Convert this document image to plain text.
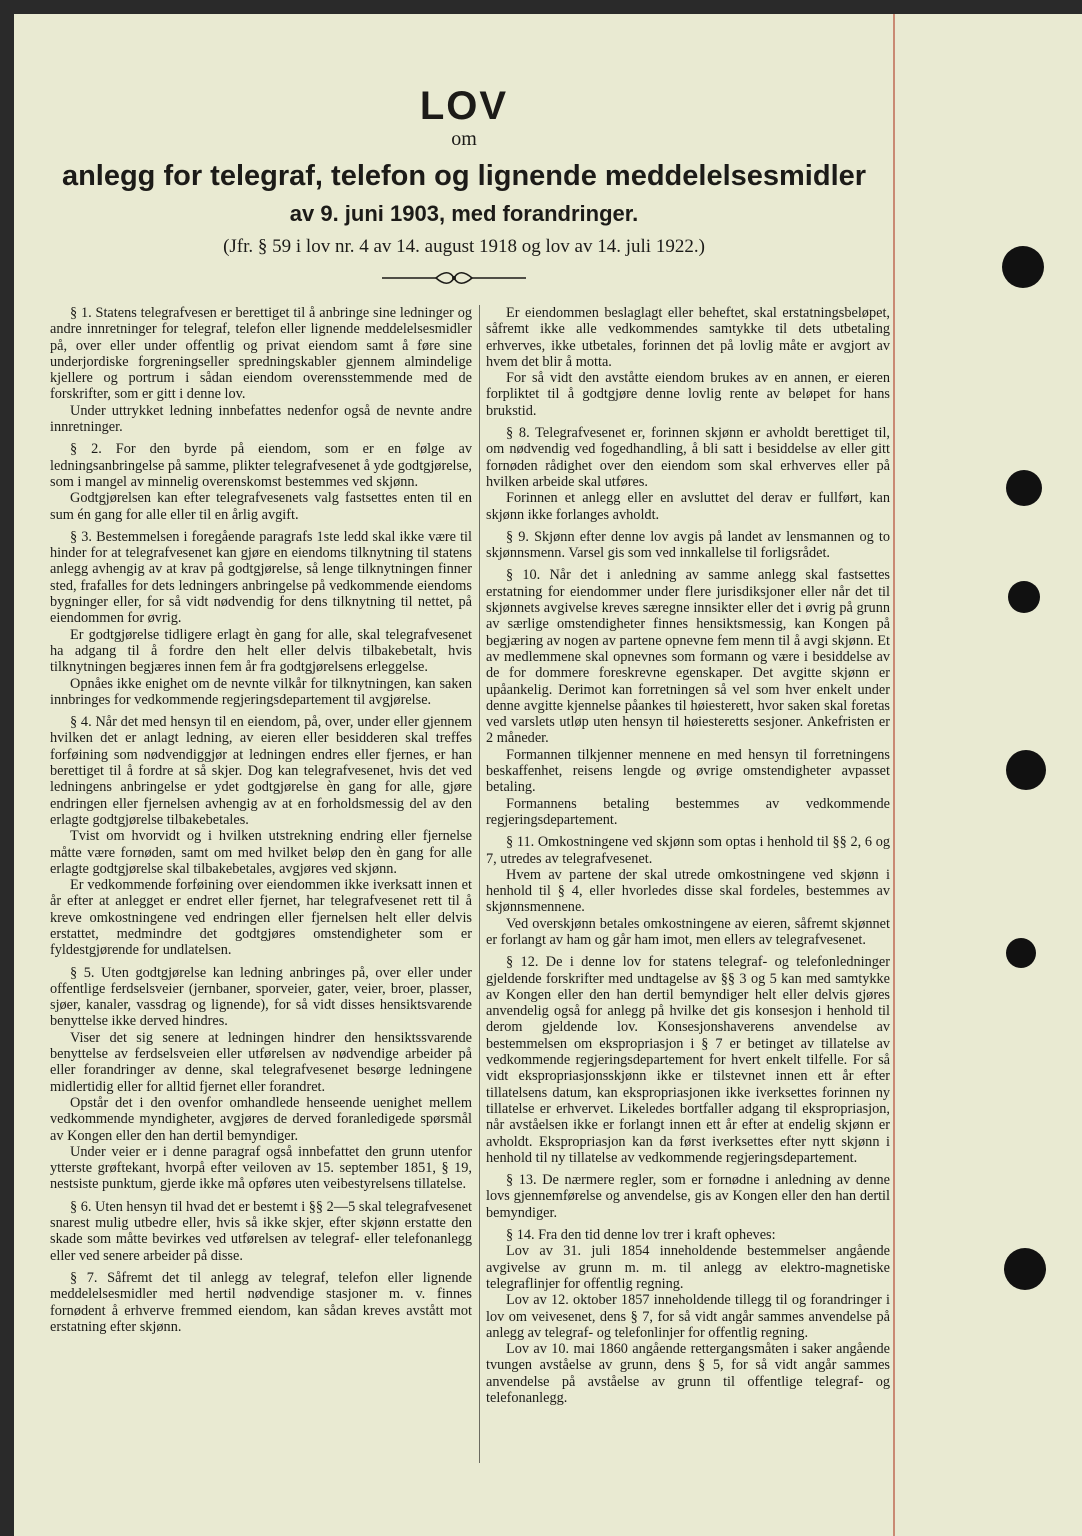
LOV
om
anlegg for telegraf, telefon og lignende meddelelsesmidler
av 9. juni 1903, med forandringer.
(Jfr. § 59 i lov nr. 4 av 14. august 1918 og lov av 14. juli 1922.)

§ 1. Statens telegrafvesen er berettiget til å anbringe sine ledninger og andre innretninger for telegraf, telefon eller lignende meddelelsesmidler på, over eller under offentlig og privat eiendom samt å føre sine underjordiske forgreningseller spredningskabler gjennem almindelige kjellere og portrum i sådan eiendom overensstemmende med de forskrifter, som er gitt i denne lov.

Under uttrykket ledning innbefattes nedenfor også de nevnte andre innretninger.

§ 2. For den byrde på eiendom, som er en følge av ledningsanbringelse på samme, plikter telegrafvesenet å yde godtgjørelse, som i mangel av minnelig overenskomst bestemmes ved skjønn.

Godtgjørelsen kan efter telegrafvesenets valg fastsettes enten til en sum én gang for alle eller til en årlig avgift.

§ 3. Bestemmelsen i foregående paragrafs 1ste ledd skal ikke være til hinder for at telegrafvesenet kan gjøre en eiendoms tilknytning til statens anlegg avhengig av at krav på godtgjørelse, så lenge tilknytningen finner sted, frafalles for dets ledningers anbringelse på vedkommende eiendoms bygninger eller, for så vidt nødvendig for dens tilknytning til nettet, på eiendommen for øvrig.

Er godtgjørelse tidligere erlagt èn gang for alle, skal telegrafvesenet ha adgang til å fordre den helt eller delvis tilbakebetalt, hvis tilknytningen begjæres innen fem år fra godtgjørelsens erleggelse.

Opnåes ikke enighet om de nevnte vilkår for tilknytningen, kan saken innbringes for vedkommende regjeringsdepartement til avgjørelse.

§ 4. Når det med hensyn til en eiendom, på, over, under eller gjennem hvilken det er anlagt ledning, av eieren eller besidderen skal treffes forføining som nødvendiggjør at ledningen endres eller fjernes, er han berettiget til å fordre at så skjer. Dog kan telegrafvesenet, hvis det ved ledningens anbringelse er ydet godtgjørelse èn gang for alle, gjøre endringen eller fjernelsen avhengig av at en forholdsmessig del av den erlagte godtgjørelse tilbakebetales.

Tvist om hvorvidt og i hvilken utstrekning endring eller fjernelse måtte være fornøden, samt om med hvilket beløp den èn gang for alle erlagte godtgjørelse skal tilbakebetales, avgjøres ved skjønn.

Er vedkommende forføining over eiendommen ikke iverksatt innen et år efter at anlegget er endret eller fjernet, har telegrafvesenet rett til å kreve omkostningene ved endringen eller fjernelsen helt eller delvis erstattet, medmindre det godtgjøres omstendigheter som er fyldestgjørende for undlatelsen.

§ 5. Uten godtgjørelse kan ledning anbringes på, over eller under offentlige ferdselsveier (jernbaner, sporveier, gater, veier, broer, plasser, sjøer, kanaler, vassdrag og lignende), for så vidt disses hensiktsvarende benyttelse ikke derved hindres.

Viser det sig senere at ledningen hindrer den hensiktssvarende benyttelse av ferdselsveien eller utførelsen av nødvendige arbeider på eller forandringer av denne, skal telegrafvesenet besørge ledningene midlertidig eller for alltid fjernet eller forandret.

Opstår det i den ovenfor omhandlede henseende uenighet mellem vedkommende myndigheter, avgjøres de derved foranledigede spørsmål av Kongen eller den han dertil bemyndiger.

Under veier er i denne paragraf også innbefattet den grunn utenfor ytterste grøftekant, hvorpå efter veiloven av 15. september 1851, § 19, nestsiste punktum, gjerde ikke må opføres uten veibestyrelsens tillatelse.

§ 6. Uten hensyn til hvad det er bestemt i §§ 2—5 skal telegrafvesenet snarest mulig utbedre eller, hvis så ikke skjer, efter skjønn erstatte den skade som måtte bevirkes ved utførelsen av telegraf- eller telefonanlegg eller ved senere arbeider på disse.

§ 7. Såfremt det til anlegg av telegraf, telefon eller lignende meddelelsesmidler med hertil nødvendige stasjoner m. v. finnes fornødent å erhverve fremmed eiendom, kan sådan kreves avstått mot erstatning efter skjønn.

Er eiendommen beslaglagt eller beheftet, skal erstatningsbeløpet, såfremt ikke alle vedkommendes samtykke til dets utbetaling erhverves, ikke utbetales, forinnen det på lovlig måte er avgjort av hvem det blir å motta.

For så vidt den avståtte eiendom brukes av en annen, er eieren forpliktet til å godtgjøre denne lovlig rente av beløpet for hans brukstid.

§ 8. Telegrafvesenet er, forinnen skjønn er avholdt berettiget til, om nødvendig ved fogedhandling, å bli satt i besiddelse av eller gitt fornøden rådighet over den eiendom som skal erhverves eller på hvilken arbeide skal utføres.

Forinnen et anlegg eller en avsluttet del derav er fullført, kan skjønn ikke forlanges avholdt.

§ 9. Skjønn efter denne lov avgis på landet av lensmannen og to skjønnsmenn. Varsel gis som ved innkallelse til forligsrådet.

§ 10. Når det i anledning av samme anlegg skal fastsettes erstatning for eiendommer under flere jurisdiksjoner eller når det til skjønnets avgivelse kreves særegne innsikter eller det i øvrig på grunn av særlige omstendigheter finnes hensiktsmessig, kan Kongen på begjæring av nogen av partene opnevne fem menn til å avgi skjønn. Et av medlemmene skal opnevnes som formann og være i besiddelse av de for dommere foreskrevne egenskaper. Det avgitte skjønn er upåankelig. Derimot kan forretningen så vel som hver enkelt under denne avgitte kjennelse påankes til høiesterett, hvor saken skal foretas ved varslets utløp uten hensyn til høiesteretts sesjoner. Ankefristen er 2 måneder.

Formannen tilkjenner mennene en med hensyn til forretningens beskaffenhet, reisens lengde og øvrige omstendigheter avpasset betaling.

Formannens betaling bestemmes av vedkommende regjeringsdepartement.

§ 11. Omkostningene ved skjønn som optas i henhold til §§ 2, 6 og 7, utredes av telegrafvesenet.

Hvem av partene der skal utrede omkostningene ved skjønn i henhold til § 4, eller hvorledes disse skal fordeles, bestemmes av skjønnsmennene.

Ved overskjønn betales omkostningene av eieren, såfremt skjønnet er forlangt av ham og går ham imot, men ellers av telegrafvesenet.

§ 12. De i denne lov for statens telegraf- og telefonledninger gjeldende forskrifter med undtagelse av §§ 3 og 5 kan med samtykke av Kongen eller den han dertil bemyndiger helt eller delvis gjøres anvendelig også for anlegg på hvilke det gis konsesjon i henhold til derom gjeldende lov. Konsesjonshaverens anvendelse av bestemmelsen om ekspropriasjon i § 7 er betinget av tillatelse av vedkommende regjeringsdepartement for hvert enkelt tilfelle. For så vidt ekspropriasjonsskjønn ikke er tilstevnet innen ett år efter tillatelsens datum, kan ekspropriasjonen ikke iverksettes forinnen ny tillatelse er erhvervet. Likeledes bortfaller adgang til ekspropriasjon, når avståelsen ikke er forlangt innen ett år efter at endelig skjønn er avholdt. Ekspropriasjon kan da først iverksettes efter nytt skjønn i henhold til ny tillatelse av vedkommende regjeringsdepartement.

§ 13. De nærmere regler, som er fornødne i anledning av denne lovs gjennemførelse og anvendelse, gis av Kongen eller den han dertil bemyndiger.

§ 14. Fra den tid denne lov trer i kraft opheves:

Lov av 31. juli 1854 inneholdende bestemmelser angående avgivelse av grunn m. m. til anlegg av elektro-magnetiske telegraflinjer for offentlig regning.

Lov av 12. oktober 1857 inneholdende tillegg til og forandringer i lov om veivesenet, dens § 7, for så vidt angår sammes anvendelse på anlegg av telegraf- og telefonlinjer for offentlig regning.

Lov av 10. mai 1860 angående rettergangsmåten i saker angående tvungen avståelse av grunn, dens § 5, for så vidt angår sammes anvendelse på avståelse av grunn til offentlige telegraf- og telefonanlegg.
